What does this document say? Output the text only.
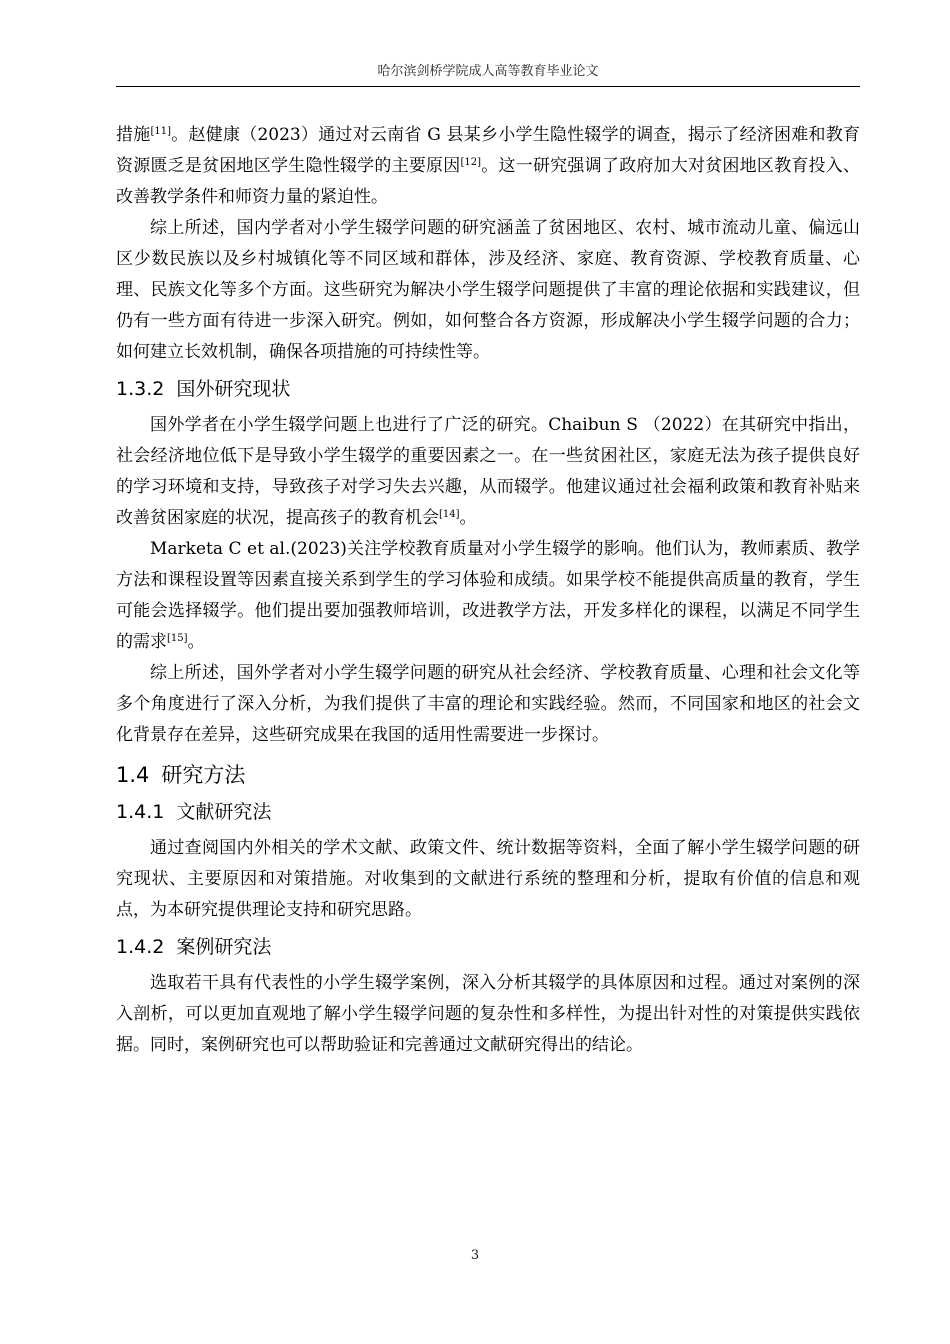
哈尔滨剑桥学院成人高等教育毕业论文

措施[11]。赵健康（2023）通过对云南省 G 县某乡小学生隐性辍学的调查，揭示了经济困难和教育资源匮乏是贫困地区学生隐性辍学的主要原因[12]。这一研究强调了政府加大对贫困地区教育投入、改善教学条件和师资力量的紧迫性。

综上所述，国内学者对小学生辍学问题的研究涵盖了贫困地区、农村、城市流动儿童、偏远山区少数民族以及乡村城镇化等不同区域和群体，涉及经济、家庭、教育资源、学校教育质量、心理、民族文化等多个方面。这些研究为解决小学生辍学问题提供了丰富的理论依据和实践建议，但仍有一些方面有待进一步深入研究。例如，如何整合各方资源，形成解决小学生辍学问题的合力；如何建立长效机制，确保各项措施的可持续性等。

1.3.2 国外研究现状

国外学者在小学生辍学问题上也进行了广泛的研究。Chaibun S （2022）在其研究中指出，社会经济地位低下是导致小学生辍学的重要因素之一。在一些贫困社区，家庭无法为孩子提供良好的学习环境和支持，导致孩子对学习失去兴趣，从而辍学。他建议通过社会福利政策和教育补贴来改善贫困家庭的状况，提高孩子的教育机会[14]。

Marketa C et al.(2023)关注学校教育质量对小学生辍学的影响。他们认为，教师素质、教学方法和课程设置等因素直接关系到学生的学习体验和成绩。如果学校不能提供高质量的教育，学生可能会选择辍学。他们提出要加强教师培训，改进教学方法，开发多样化的课程，以满足不同学生的需求[15]。

综上所述，国外学者对小学生辍学问题的研究从社会经济、学校教育质量、心理和社会文化等多个角度进行了深入分析，为我们提供了丰富的理论和实践经验。然而，不同国家和地区的社会文化背景存在差异，这些研究成果在我国的适用性需要进一步探讨。

1.4 研究方法
1.4.1 文献研究法

通过查阅国内外相关的学术文献、政策文件、统计数据等资料，全面了解小学生辍学问题的研究现状、主要原因和对策措施。对收集到的文献进行系统的整理和分析，提取有价值的信息和观点，为本研究提供理论支持和研究思路。

1.4.2 案例研究法

选取若干具有代表性的小学生辍学案例，深入分析其辍学的具体原因和过程。通过对案例的深入剖析，可以更加直观地了解小学生辍学问题的复杂性和多样性，为提出针对性的对策提供实践依据。同时，案例研究也可以帮助验证和完善通过文献研究得出的结论。

3
